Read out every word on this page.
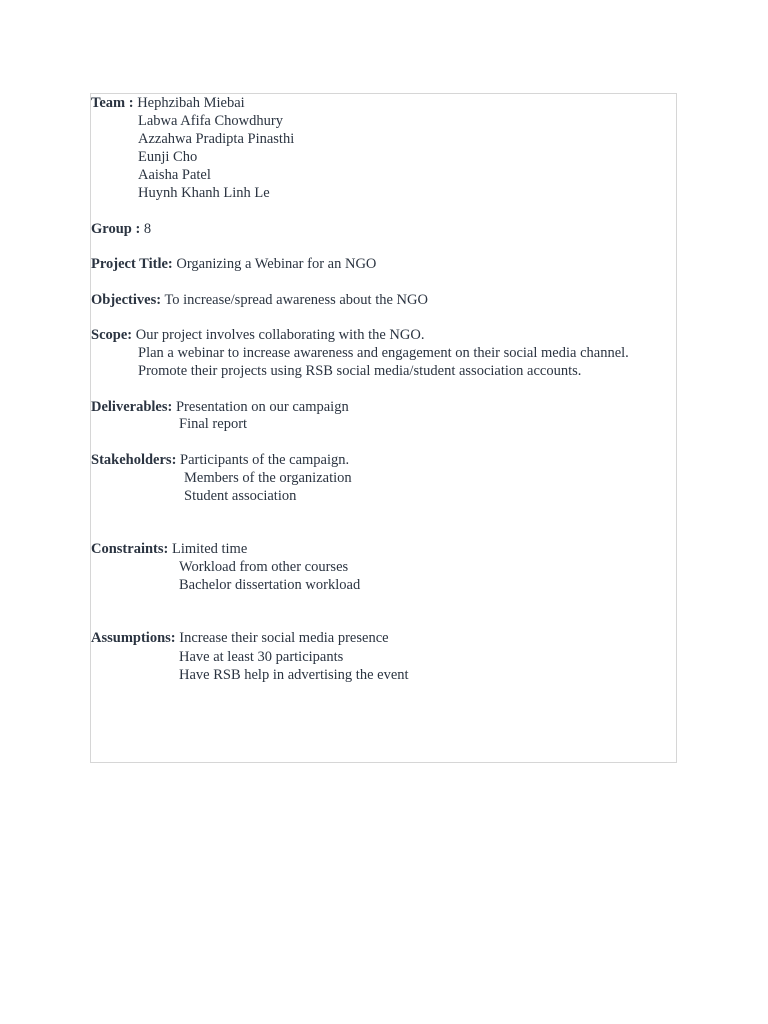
Team : Hephzibah Miebai
Labwa Afifa Chowdhury
Azzahwa Pradipta Pinasthi
Eunji Cho
Aaisha Patel
Huynh Khanh Linh Le
Group : 8
Project Title: Organizing a Webinar for an NGO
Objectives: To increase/spread awareness about the NGO
Scope: Our project involves collaborating with the NGO.
Plan a webinar to increase awareness and engagement on their social media channel.
Promote their projects using RSB social media/student association accounts.
Deliverables: Presentation on our campaign
Final report
Stakeholders: Participants of the campaign.
Members of the organization
Student association
Constraints: Limited time
Workload from other courses
Bachelor dissertation workload
Assumptions: Increase their social media presence
Have at least 30 participants
Have RSB help in advertising the event
